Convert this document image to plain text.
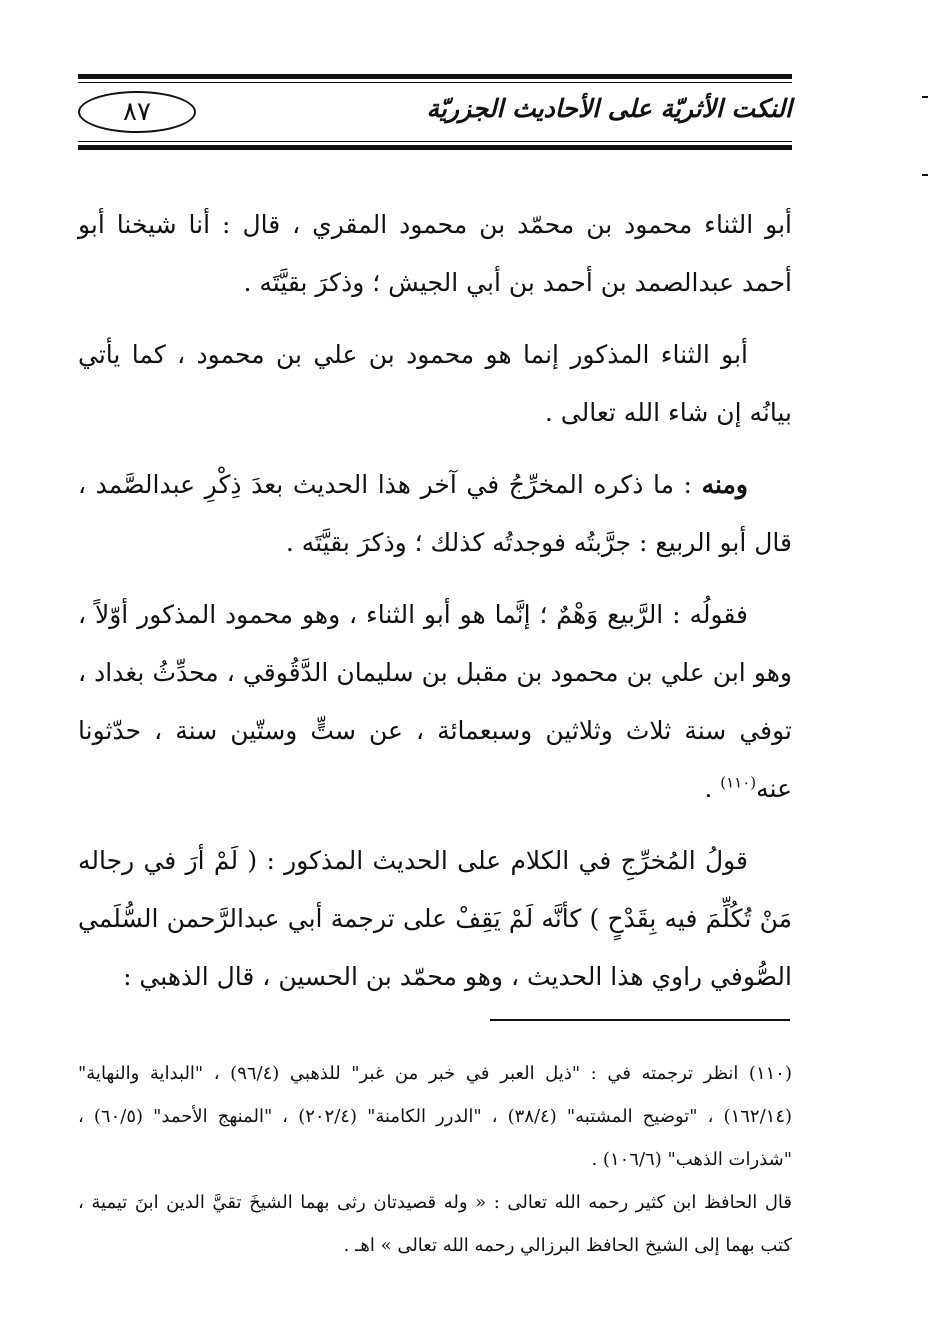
٨٧	النكت الأثريّة على الأحاديث الجزريّة

أبو الثناء محمود بن محمّد بن محمود المقري ، قال : أنا شيخنا أبو أحمد عبدالصمد بن أحمد بن أبي الجيش ؛ وذكرَ بقيَّتَه .

أبو الثناء المذكور إنما هو محمود بن علي بن محمود ، كما يأتي بيانُه إن شاء الله تعالى .

ومنه : ما ذكره المخرِّجُ في آخر هذا الحديث بعدَ ذِكْرِ عبدالصَّمد ، قال أبو الربيع : جرَّبتُه فوجدتُه كذلك ؛ وذكرَ بقيَّتَه .

فقولُه : الرَّبيع وَهْمٌ ؛ إنَّما هو أبو الثناء ، وهو محمود المذكور أوّلاً ، وهو ابن علي بن محمود بن مقبل بن سليمان الدَّقُوقي ، محدِّثُ بغداد ، توفي سنة ثلاث وثلاثين وسبعمائة ، عن ستٍّ وستّين سنة ، حدّثونا عنه$^{(١١٠)}$ .

قولُ المُخرِّجِ في الكلام على الحديث المذكور : ( لَمْ أرَ في رجاله مَنْ تُكُلِّمَ فيه بِقَدْحٍ ) كأنَّه لَمْ يَقِفْ على ترجمة أبي عبدالرَّحمن السُّلَمي الصُّوفي راوي هذا الحديث ، وهو محمّد بن الحسين ، قال الذهبي :

(١١٠) انظر ترجمته في : "ذيل العبر في خبر من غبر" للذهبي (٩٦/٤) ، "البداية والنهاية" (١٦٢/١٤) ، "توضيح المشتبه" (٣٨/٤) ، "الدرر الكامنة" (٢٠٢/٤) ، "المنهج الأحمد" (٦٠/٥) ، "شذرات الذهب" (١٠٦/٦) .

قال الحافظ ابن كثير رحمه الله تعالى : « وله قصيدتان رثى بهما الشيخَ تقيَّ الدين ابنَ تيمية ، كتب بهما إلى الشيخ الحافظ البرزالي رحمه الله تعالى » اهـ .
